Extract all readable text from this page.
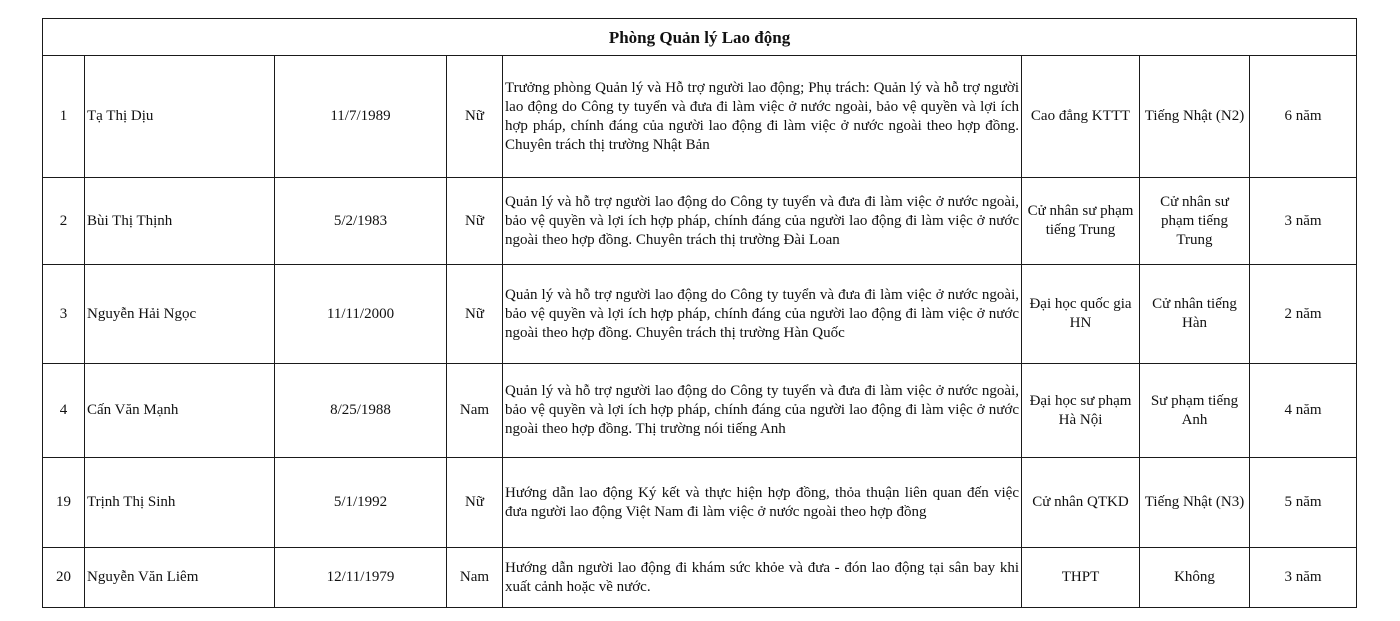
Phòng Quản lý Lao động							
1	Tạ Thị Dịu	11/7/1989	Nữ	Trưởng phòng Quản lý và Hỗ trợ người lao động; Phụ trách: Quản lý và hỗ trợ người lao động do Công ty tuyển và đưa đi làm việc ở nước ngoài, bảo vệ quyền và lợi ích hợp pháp, chính đáng của người lao động đi làm việc ở nước ngoài theo hợp đồng. Chuyên trách thị trường Nhật Bản	Cao đẳng KTTT	Tiếng Nhật (N2)	6 năm
2	Bùi Thị Thịnh	5/2/1983	Nữ	Quản lý và hỗ trợ người lao động do Công ty tuyển và đưa đi làm việc ở nước ngoài, bảo vệ quyền và lợi ích hợp pháp, chính đáng của người lao động đi làm việc ở nước ngoài theo hợp đồng. Chuyên trách thị trường Đài Loan	Cử nhân sư phạm tiếng Trung	Cử nhân sư phạm tiếng Trung	3 năm
3	Nguyễn Hải Ngọc	11/11/2000	Nữ	Quản lý và hỗ trợ người lao động do Công ty tuyển và đưa đi làm việc ở nước ngoài, bảo vệ quyền và lợi ích hợp pháp, chính đáng của người lao động đi làm việc ở nước ngoài theo hợp đồng. Chuyên trách thị trường Hàn Quốc	Đại học quốc gia HN	Cử nhân tiếng Hàn	2 năm
4	Cấn Văn Mạnh	8/25/1988	Nam	Quản lý và hỗ trợ người lao động do Công ty tuyển và đưa đi làm việc ở nước ngoài, bảo vệ quyền và lợi ích hợp pháp, chính đáng của người lao động đi làm việc ở nước ngoài theo hợp đồng. Thị trường nói tiếng Anh	Đại học sư phạm Hà Nội	Sư phạm tiếng Anh	4 năm
19	Trịnh Thị Sinh	5/1/1992	Nữ	Hướng dẫn lao động Ký kết và thực hiện hợp đồng, thỏa thuận liên quan đến việc đưa người lao động Việt Nam đi làm việc ở nước ngoài theo hợp đồng	Cử nhân QTKD	Tiếng Nhật (N3)	5 năm
20	Nguyễn Văn Liêm	12/11/1979	Nam	Hướng dẫn người lao động đi khám sức khỏe và đưa - đón lao động tại sân bay khi xuất cảnh hoặc về nước.	THPT	Không	3 năm
